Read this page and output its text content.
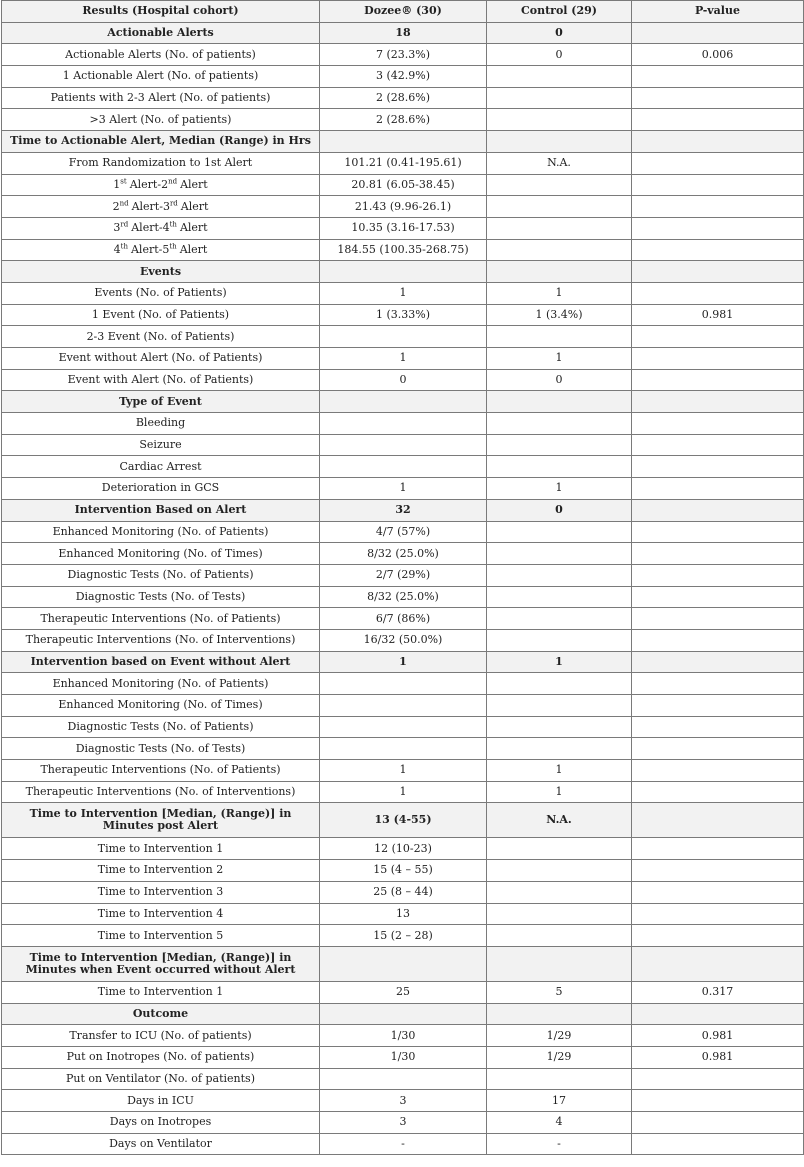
Results (Hospital cohort)	Dozee® (30)	Control (29)	P-value
Actionable Alerts	18	0	
Actionable Alerts (No. of patients)	7 (23.3%)	0	0.006
1 Actionable Alert (No. of patients)	3 (42.9%)		
Patients with 2-3 Alert (No. of patients)	2 (28.6%)		
>3 Alert (No. of patients)	2 (28.6%)		
Time to Actionable Alert, Median (Range) in Hrs			
From Randomization to 1st Alert	101.21 (0.41-195.61)	N.A.	
1st Alert-2nd Alert	20.81 (6.05-38.45)		
2nd Alert-3rd Alert	21.43 (9.96-26.1)		
3rd Alert-4th Alert	10.35 (3.16-17.53)		
4th Alert-5th Alert	184.55 (100.35-268.75)		
Events			
Events (No. of Patients)	1	1	
1 Event (No. of Patients)	1 (3.33%)	1 (3.4%)	0.981
2-3 Event (No. of Patients)			
Event without Alert (No. of Patients)	1	1	
Event with Alert (No. of Patients)	0	0	
Type of Event			
Bleeding			
Seizure			
Cardiac Arrest			
Deterioration in GCS	1	1	
Intervention Based on Alert	32	0	
Enhanced Monitoring (No. of Patients)	4/7 (57%)		
Enhanced Monitoring (No. of Times)	8/32 (25.0%)		
Diagnostic Tests (No. of Patients)	2/7 (29%)		
Diagnostic Tests (No. of Tests)	8/32 (25.0%)		
Therapeutic Interventions (No. of Patients)	6/7 (86%)		
Therapeutic Interventions (No. of Interventions)	16/32 (50.0%)		
Intervention based on Event without Alert	1	1	
Enhanced Monitoring (No. of Patients)			
Enhanced Monitoring (No. of Times)			
Diagnostic Tests (No. of Patients)			
Diagnostic Tests (No. of Tests)			
Therapeutic Interventions (No. of Patients)	1	1	
Therapeutic Interventions (No. of Interventions)	1	1	
Time to Intervention [Median, (Range)] in Minutes post Alert	13 (4-55)	N.A.	
Time to Intervention 1	12 (10-23)		
Time to Intervention 2	15 (4 – 55)		
Time to Intervention 3	25 (8 – 44)		
Time to Intervention 4	13		
Time to Intervention 5	15 (2 – 28)		
Time to Intervention [Median, (Range)] in Minutes when Event occurred without Alert			
Time to Intervention 1	25	5	0.317
Outcome			
Transfer to ICU (No. of patients)	1/30	1/29	0.981
Put on Inotropes (No. of patients)	1/30	1/29	0.981
Put on Ventilator (No. of patients)			
Days in ICU	3	17	
Days on Inotropes	3	4	
Days on Ventilator	-	-	
